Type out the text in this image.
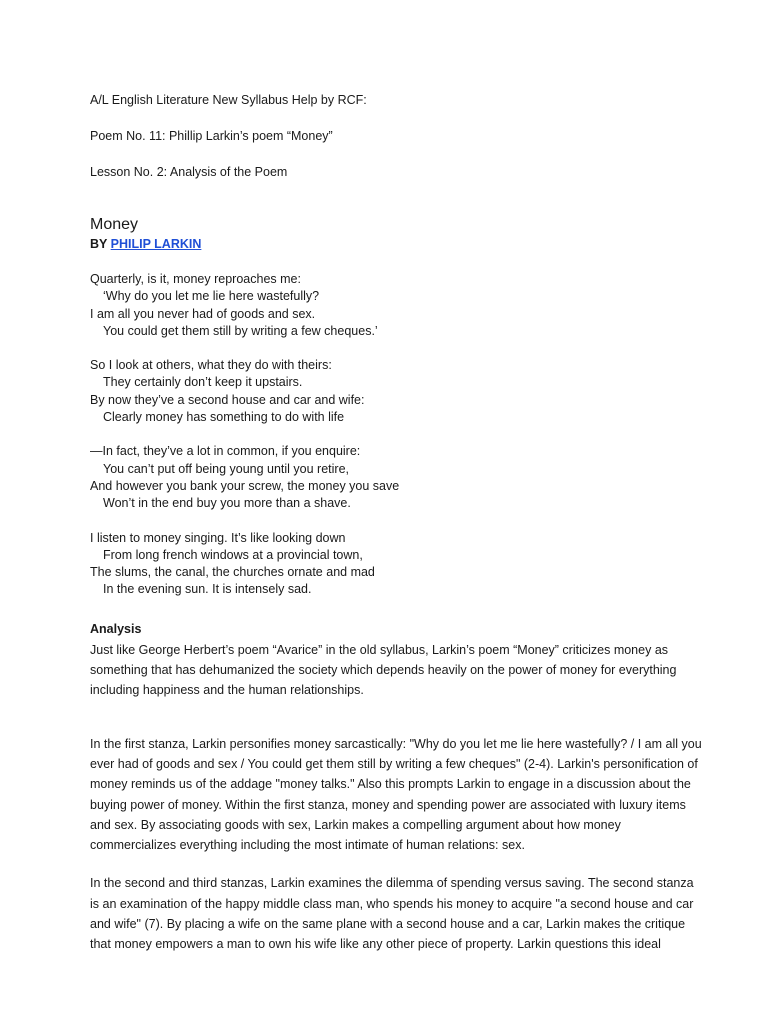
A/L English Literature New Syllabus Help by RCF:
Poem No. 11: Phillip Larkin’s poem “Money”
Lesson No. 2: Analysis of the Poem
Money
BY PHILIP LARKIN
Quarterly, is it, money reproaches me:
‘Why do you let me lie here wastefully?
I am all you never had of goods and sex.
You could get them still by writing a few cheques.’
So I look at others, what they do with theirs:
They certainly don’t keep it upstairs.
By now they’ve a second house and car and wife:
Clearly money has something to do with life
—In fact, they’ve a lot in common, if you enquire:
You can’t put off being young until you retire,
And however you bank your screw, the money you save
Won’t in the end buy you more than a shave.
I listen to money singing. It’s like looking down
From long french windows at a provincial town,
The slums, the canal, the churches ornate and mad
In the evening sun. It is intensely sad.
Analysis

Just like George Herbert’s poem “Avarice” in the old syllabus, Larkin’s poem “Money” criticizes money as something that has dehumanized the society which depends heavily on the power of money for everything including happiness and the human relationships.

In the first stanza, Larkin personifies money sarcastically: "Why do you let me lie here wastefully? / I am all you ever had of goods and sex / You could get them still by writing a few cheques" (2-4). Larkin's personification of money reminds us of the addage "money talks." Also this prompts Larkin to engage in a discussion about the buying power of money. Within the first stanza, money and spending power are associated with luxury items and sex. By associating goods with sex, Larkin makes a compelling argument about how money commercializes everything including the most intimate of human relations: sex.

In the second and third stanzas, Larkin examines the dilemma of spending versus saving. The second stanza is an examination of the happy middle class man, who spends his money to acquire "a second house and car and wife" (7). By placing a wife on the same plane with a second house and a car, Larkin makes the critique that money empowers a man to own his wife like any other piece of property. Larkin questions this ideal
